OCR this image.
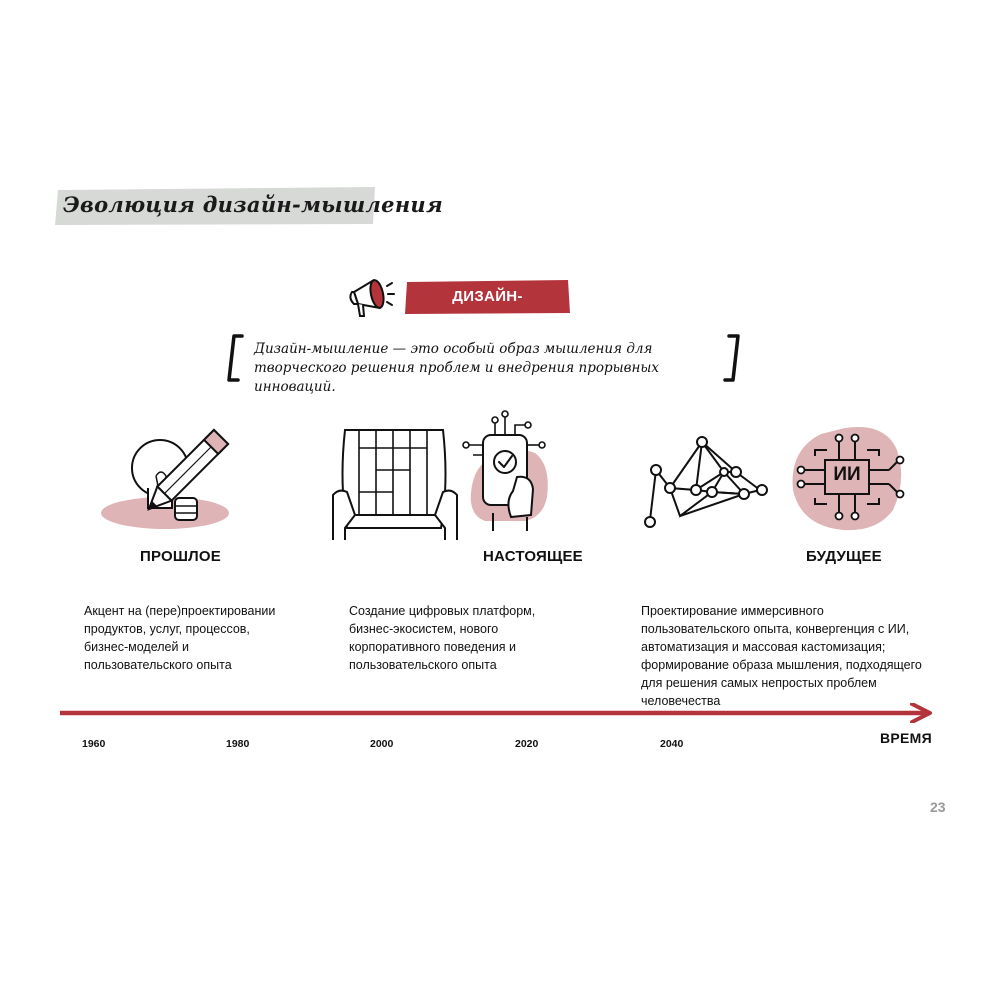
Эволюция дизайн-мышления
ДИЗАЙН-МЫШЛЕНИЕ
Дизайн-мышление — это особый образ мышления для творческого решения проблем и внедрения прорывных инноваций.
ИИ
ПРОШЛОЕ	НАСТОЯЩЕЕ	БУДУЩЕЕ
Акцент на (пере)проектировании продуктов, услуг, процессов, бизнес-моделей и пользовательского опыта
Создание цифровых платформ, бизнес-экосистем, нового корпоративного поведения и пользовательского опыта
Проектирование иммерсивного пользовательского опыта, конвергенция с ИИ, автоматизация и массовая кастомизация; формирование образа мышления, подходящего для решения самых непростых проблем человечества
1960	1980	2000	2020	2040	ВРЕМЯ
23
